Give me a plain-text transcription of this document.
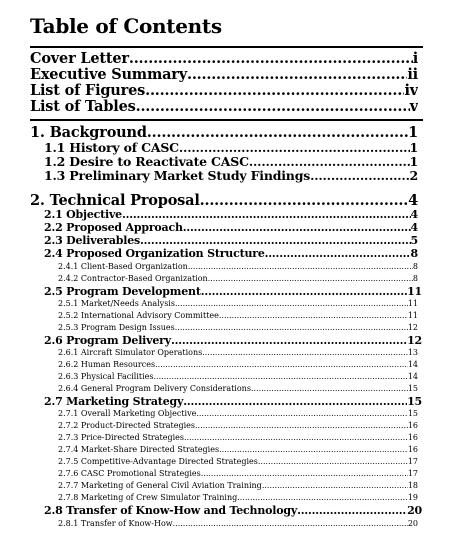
Table of Contents
Cover Letter .....	i
Executive Summary .....	ii
List of Figures .....	iv
List of Tables .....	v
1. Background .....	1
1.1 History of CASC .....	1
1.2 Desire to Reactivate CASC .....	1
1.3 Preliminary Market Study Findings .....	2
2. Technical Proposal .....	4
2.1 Objective .....	4
2.2 Proposed Approach .....	4
2.3 Deliverables .....	5
2.4 Proposed Organization Structure .....	8
2.4.1 Client-Based Organization .....	8
2.4.2 Contractor-Based Organization. .....	8
2.5 Program Development .....	11
2.5.1 Market/Needs Analysis .....	11
2.5.2 International Advisory Committee .....	11
2.5.3 Program Design Issues .....	12
2.6 Program Delivery .....	12
2.6.1 Aircraft Simulator Operations .....	13
2.6.2 Human Resources .....	14
2.6.3 Physical Facilities .....	14
2.6.4 General Program Delivery Considerations .....	15
2.7 Marketing Strategy .....	15
2.7.1 Overall Marketing Objective .....	15
2.7.2 Product-Directed Strategies .....	16
2.7.3 Price-Directed Strategies .....	16
2.7.4 Market-Share Directed Strategies .....	16
2.7.5 Competitive-Advantage Directed Strategies .....	17
2.7.6 CASC Promotional Strategies .....	17
2.7.7 Marketing of General Civil Aviation Training .....	18
2.7.8 Marketing of Crew Simulator Training .....	19
2.8 Transfer of Know-How and Technology .....	20
2.8.1 Transfer of Know-How .....	20
